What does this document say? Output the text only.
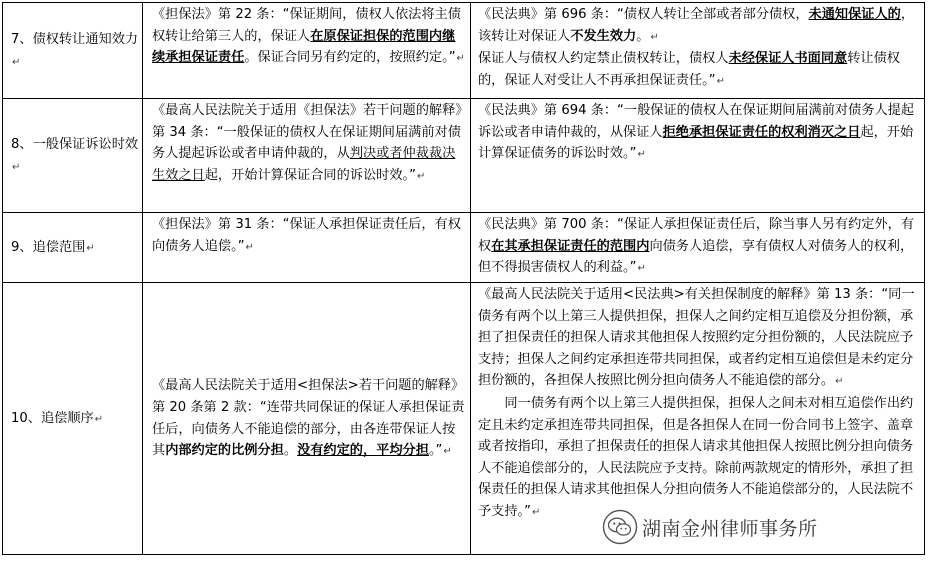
7、债权转让通知效力↵	《担保法》第 22 条：“保证期间，债权人依法将主债权转让给第三人的，保证人在原保证担保的范围内继续承担保证责任。保证合同另有约定的，按照约定。”↵	《民法典》第 696 条：“债权人转让全部或者部分债权，未通知保证人的，该转让对保证人不发生效力。↵

保证人与债权人约定禁止债权转让，债权人未经保证人书面同意转让债权的，保证人对受让人不再承担保证责任。”↵

8、一般保证诉讼时效↵	《最高人民法院关于适用《担保法》若干问题的解释》第 34 条：“一般保证的债权人在保证期间届满前对债务人提起诉讼或者申请仲裁的，从判决或者仲裁裁决生效之日起，开始计算保证合同的诉讼时效。”↵	《民法典》第 694 条：“一般保证的债权人在保证期间届满前对债务人提起诉讼或者申请仲裁的，从保证人拒绝承担保证责任的权利消灭之日起，开始计算保证债务的诉讼时效。”↵

9、追偿范围↵	《担保法》第 31 条：“保证人承担保证责任后，有权向债务人追偿。”↵	《民法典》第 700 条：“保证人承担保证责任后，除当事人另有约定外，有权在其承担保证责任的范围内向债务人追偿，享有债权人对债务人的权利，但不得损害债权人的利益。”↵

10、追偿顺序↵	《最高人民法院关于适用<担保法>若干问题的解释》第 20 条第 2 款：“连带共同保证的保证人承担保证责任后，向债务人不能追偿的部分，由各连带保证人按其内部约定的比例分担。没有约定的，平均分担。”↵	《最高人民法院关于适用<民法典>有关担保制度的解释》第 13 条：“同一债务有两个以上第三人提供担保，担保人之间约定相互追偿及分担份额，承担了担保责任的担保人请求其他担保人按照约定分担份额的，人民法院应予支持；担保人之间约定承担连带共同担保，或者约定相互追偿但是未约定分担份额的，各担保人按照比例分担向债务人不能追偿的部分。↵

同一债务有两个以上第三人提供担保，担保人之间未对相互追偿作出约定且未约定承担连带共同担保，但是各担保人在同一份合同书上签字、盖章或者按指印，承担了担保责任的担保人请求其他担保人按照比例分担向债务人不能追偿部分的，人民法院应予支持。除前两款规定的情形外，承担了担保责任的担保人请求其他担保人分担向债务人不能追偿部分的，人民法院不予支持。”↵

湖南金州律师事务所
